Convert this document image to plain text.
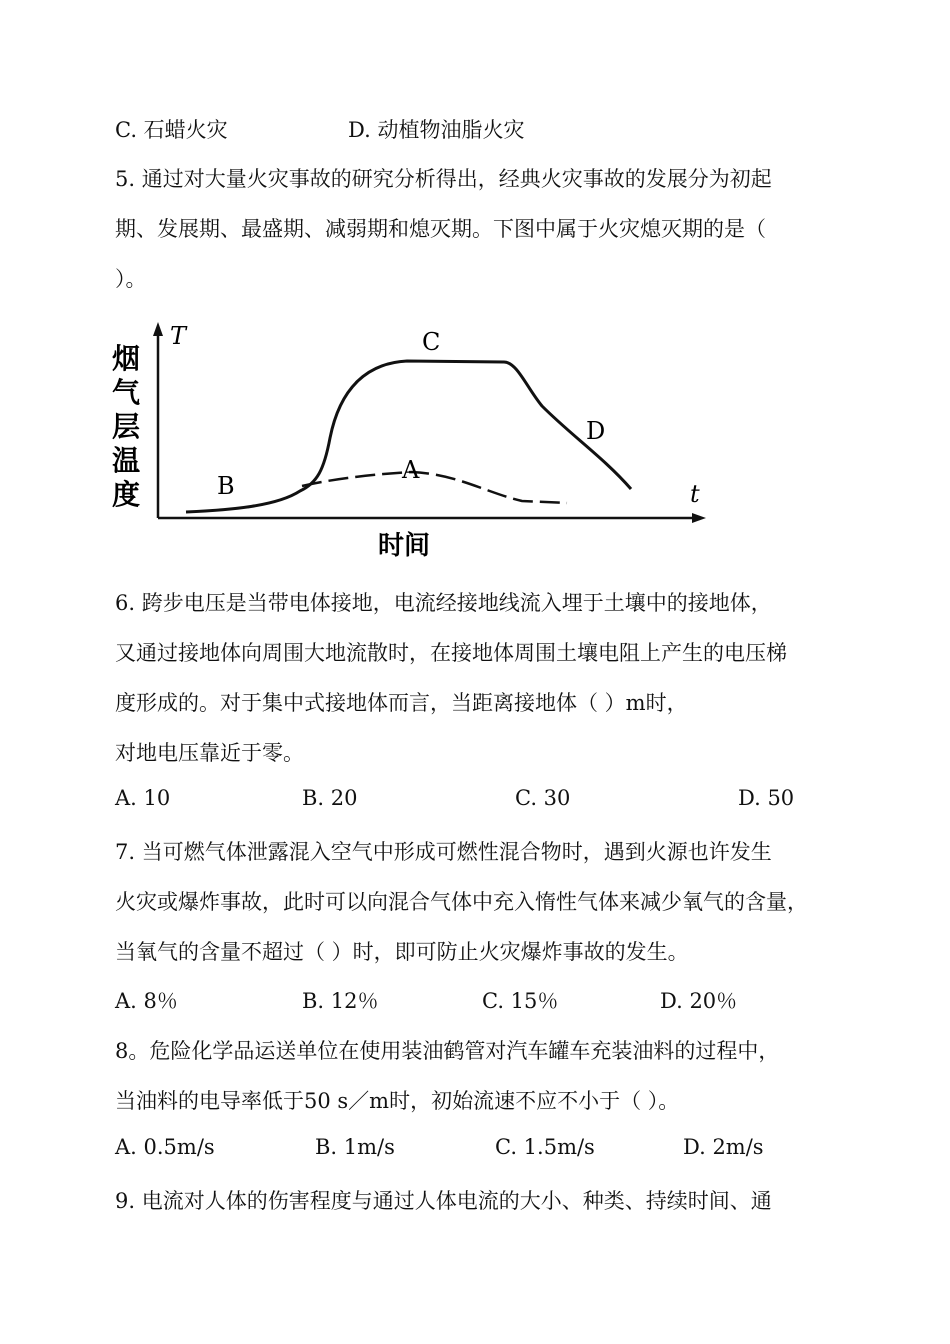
C. 石蜡火灾	D. 动植物油脂火灾
5. 通过对大量火灾事故的研究分析得出，经典火灾事故的发展分为初起
期、发展期、最盛期、减弱期和熄灭期。下图中属于火灾熄灭期的是（
）。
T
t
烟
气
层
温
度
时间
B
C
A
D
6. 跨步电压是当带电体接地，电流经接地线流入埋于土壤中的接地体，
又通过接地体向周围大地流散时，在接地体周围土壤电阻上产生的电压梯
度形成的。对于集中式接地体而言，当距离接地体（ ）m时，
对地电压靠近于零。
A. 10	B. 20	C. 30	D. 50
7. 当可燃气体泄露混入空气中形成可燃性混合物时，遇到火源也许发生
火灾或爆炸事故，此时可以向混合气体中充入惰性气体来减少氧气的含量，
当氧气的含量不超过（ ）时，即可防止火灾爆炸事故的发生。
A. 8％	B. 12％	C. 15％	D. 20％
8。危险化学品运送单位在使用装油鹤管对汽车罐车充装油料的过程中，
当油料的电导率低于50 s／m时，初始流速不应不小于（ ）。
A. 0.5m/s	B. 1m/s	C. 1.5m/s	D. 2m/s
9. 电流对人体的伤害程度与通过人体电流的大小、种类、持续时间、通
